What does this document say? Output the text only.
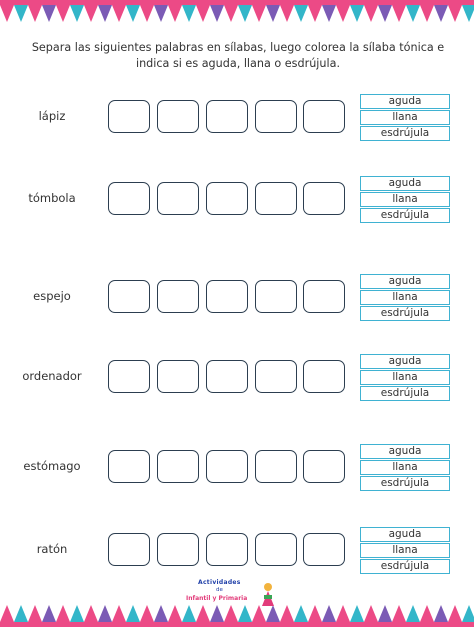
Separa las siguientes palabras en sílabas, luego colorea la sílaba tónica e indica si es aguda, llana o esdrújula.
lápiz
aguda
llana
esdrújula
tómbola
aguda
llana
esdrújula
espejo
aguda
llana
esdrújula
ordenador
aguda
llana
esdrújula
estómago
aguda
llana
esdrújula
ratón
aguda
llana
esdrújula
Actividades
de
Infantil y Primaria
